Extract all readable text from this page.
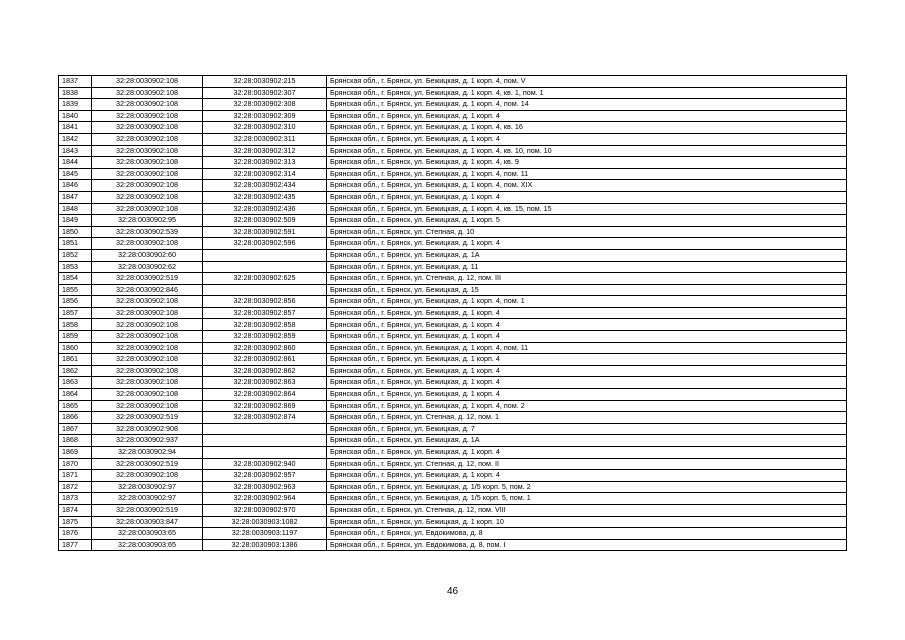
1837	32:28:0030902:108	32:28:0030902:215	Брянская обл., г. Брянск, ул. Бежицкая, д. 1 корп. 4, пом. V
1838	32:28:0030902:108	32:28:0030902:307	Брянская обл., г. Брянск, ул. Бежицкая, д. 1 корп. 4, кв. 1, пом. 1
1839	32:28:0030902:108	32:28:0030902:308	Брянская обл., г. Брянск, ул. Бежицкая, д. 1 корп. 4, пом. 14
1840	32:28:0030902:108	32:28:0030902:309	Брянская обл., г. Брянск, ул. Бежицкая, д. 1 корп. 4
1841	32:28:0030902:108	32:28:0030902:310	Брянская обл., г. Брянск, ул. Бежицкая, д. 1 корп. 4, кв. 16
1842	32:28:0030902:108	32:28:0030902:311	Брянская обл., г. Брянск, ул. Бежицкая, д. 1 корп. 4
1843	32:28:0030902:108	32:28:0030902:312	Брянская обл., г. Брянск, ул. Бежицкая, д. 1 корп. 4, кв. 10, пом. 10
1844	32:28:0030902:108	32:28:0030902:313	Брянская обл., г. Брянск, ул. Бежицкая, д. 1 корп. 4, кв. 9
1845	32:28:0030902:108	32:28:0030902:314	Брянская обл., г. Брянск, ул. Бежицкая, д. 1 корп. 4, пом. 11
1846	32:28:0030902:108	32:28:0030902:434	Брянская обл., г. Брянск, ул. Бежицкая, д. 1 корп. 4, пом. XIX
1847	32:28:0030902:108	32:28:0030902:435	Брянская обл., г. Брянск, ул. Бежицкая, д. 1 корп. 4
1848	32:28:0030902:108	32:28:0030902:436	Брянская обл., г. Брянск, ул. Бежицкая, д. 1 корп. 4, кв. 15, пом. 15
1849	32:28:0030902:95	32:28:0030902:509	Брянская обл., г. Брянск, ул. Бежицкая, д. 1 корп. 5
1850	32:28:0030902:539	32:28:0030902:591	Брянская обл., г. Брянск, ул. Степная, д. 10
1851	32:28:0030902:108	32:28:0030902:596	Брянская обл., г. Брянск, ул. Бежицкая, д. 1 корп. 4
1852	32:28:0030902:60		Брянская обл., г. Брянск, ул. Бежицкая, д. 1А
1853	32:28:0030902:62		Брянская обл., г. Брянск, ул. Бежицкая, д. 11
1854	32:28:0030902:519	32:28:0030902:625	Брянская обл., г. Брянск, ул. Степная, д. 12, пом. III
1855	32:28:0030902:846		Брянская обл., г. Брянск, ул. Бежицкая, д. 15
1856	32:28:0030902:108	32:28:0030902:856	Брянская обл., г. Брянск, ул. Бежицкая, д. 1 корп. 4, пом. 1
1857	32:28:0030902:108	32:28:0030902:857	Брянская обл., г. Брянск, ул. Бежицкая, д. 1 корп. 4
1858	32:28:0030902:108	32:28:0030902:858	Брянская обл., г. Брянск, ул. Бежицкая, д. 1 корп. 4
1859	32:28:0030902:108	32:28:0030902:859	Брянская обл., г. Брянск, ул. Бежицкая, д. 1 корп. 4
1860	32:28:0030902:108	32:28:0030902:860	Брянская обл., г. Брянск, ул. Бежицкая, д. 1 корп. 4, пом. 11
1861	32:28:0030902:108	32:28:0030902:861	Брянская обл., г. Брянск, ул. Бежицкая, д. 1 корп. 4
1862	32:28:0030902:108	32:28:0030902:862	Брянская обл., г. Брянск, ул. Бежицкая, д. 1 корп. 4
1863	32:28:0030902:108	32:28:0030902:863	Брянская обл., г. Брянск, ул. Бежицкая, д. 1 корп. 4
1864	32:28:0030902:108	32:28:0030902:864	Брянская обл., г. Брянск, ул. Бежицкая, д. 1 корп. 4
1865	32:28:0030902:108	32:28:0030902:869	Брянская обл., г. Брянск, ул. Бежицкая, д. 1 корп. 4, пом. 2
1866	32:28:0030902:519	32:28:0030902:874	Брянская обл., г. Брянск, ул. Степная, д. 12, пом. 1
1867	32:28:0030902:908		Брянская обл., г. Брянск, ул. Бежицкая, д. 7
1868	32:28:0030902:937		Брянская обл., г. Брянск, ул. Бежицкая, д. 1А
1869	32:28:0030902:94		Брянская обл., г. Брянск, ул. Бежицкая, д. 1 корп. 4
1870	32:28:0030902:519	32:28:0030902:940	Брянская обл., г. Брянск, ул. Степная, д. 12, пом. II
1871	32:28:0030902:108	32:28:0030902:957	Брянская обл., г. Брянск, ул. Бежицкая, д. 1 корп. 4
1872	32:28:0030902:97	32:28:0030902:963	Брянская обл., г. Брянск, ул. Бежицкая, д. 1/5 корп. 5, пом. 2
1873	32:28:0030902:97	32:28:0030902:964	Брянская обл., г. Брянск, ул. Бежицкая, д. 1/5 корп. 5, пом. 1
1874	32:28:0030902:519	32:28:0030902:970	Брянская обл., г. Брянск, ул. Степная, д. 12, пом. VIII
1875	32:28:0030903:847	32:28:0030903:1082	Брянская обл., г. Брянск, ул. Бежицкая, д. 1 корп. 10
1876	32:28:0030903:65	32:28:0030903:1197	Брянская обл., г. Брянск, ул. Евдокимова, д. 8
1877	32:28:0030903:65	32:28:0030903:1386	Брянская обл., г. Брянск, ул. Евдокимова, д. 8, пом. I
46
